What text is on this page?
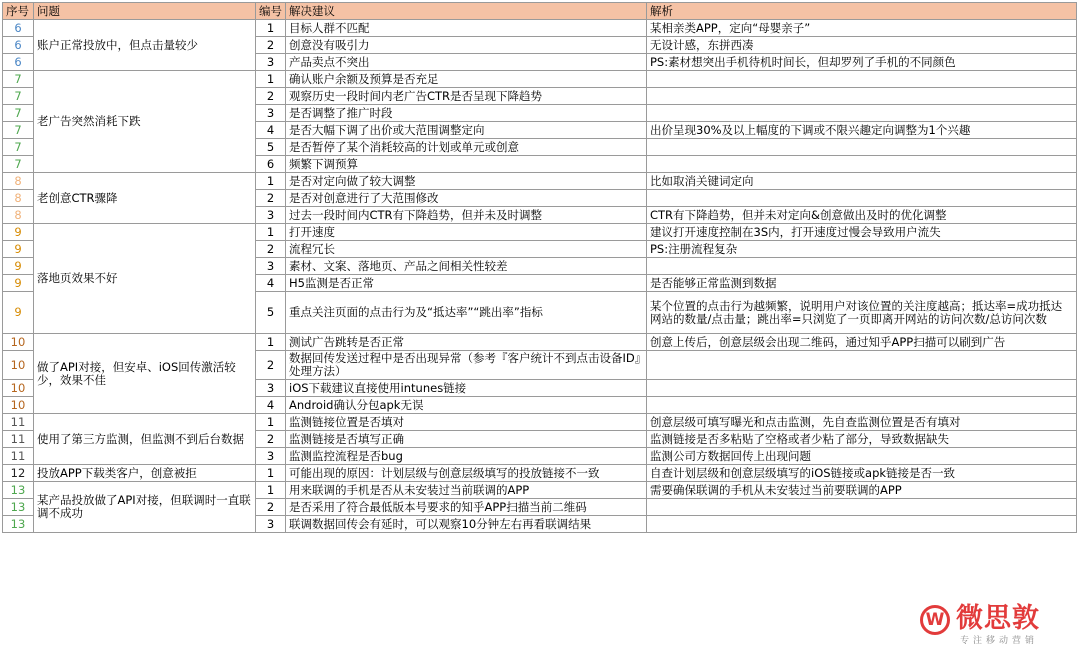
序号	问题	编号	解决建议	解析
6	账户正常投放中，但点击量较少	1	目标人群不匹配	某相亲类APP，定向“母婴亲子”
6		2	创意没有吸引力	无设计感，东拼西凑
6		3	产品卖点不突出	PS:素材想突出手机待机时间长，但却罗列了手机的不同颜色
7	老广告突然消耗下跌	1	确认账户余额及预算是否充足	
7		2	观察历史一段时间内老广告CTR是否呈现下降趋势	
7		3	是否调整了推广时段	
7		4	是否大幅下调了出价或大范围调整定向	出价呈现30%及以上幅度的下调或不限兴趣定向调整为1个兴趣
7		5	是否暂停了某个消耗较高的计划或单元或创意	
7		6	频繁下调预算	
8	老创意CTR骤降	1	是否对定向做了较大调整	比如取消关键词定向
8		2	是否对创意进行了大范围修改	
8		3	过去一段时间内CTR有下降趋势，但并未及时调整	CTR有下降趋势，但并未对定向&创意做出及时的优化调整
9	落地页效果不好	1	打开速度	建议打开速度控制在3S内，打开速度过慢会导致用户流失
9		2	流程冗长	PS:注册流程复杂
9		3	素材、文案、落地页、产品之间相关性较差	
9		4	H5监测是否正常	是否能够正常监测到数据
9		5	重点关注页面的点击行为及“抵达率”“跳出率”指标	某个位置的点击行为越频繁，说明用户对该位置的关注度越高；抵达率=成功抵达网站的数量/点击量；跳出率=只浏览了一页即离开网站的访问次数/总访问次数
10	做了API对接，但安卓、iOS回传激活较少，效果不佳	1	测试广告跳转是否正常	创意上传后，创意层级会出现二维码，通过知乎APP扫描可以刷到广告
10		2	数据回传发送过程中是否出现异常（参考『客户统计不到点击设备ID』处理方法）	
10		3	iOS下载建议直接使用intunes链接	
10		4	Android确认分包apk无误	
11	使用了第三方监测，但监测不到后台数据	1	监测链接位置是否填对	创意层级可填写曝光和点击监测，先自查监测位置是否有填对
11		2	监测链接是否填写正确	监测链接是否多粘贴了空格或者少粘了部分，导致数据缺失
11		3	监测监控流程是否bug	监测公司方数据回传上出现问题
12	投放APP下载类客户，创意被拒	1	可能出现的原因：计划层级与创意层级填写的投放链接不一致	自查计划层级和创意层级填写的iOS链接或apk链接是否一致
13	某产品投放做了API对接，但联调时一直联调不成功	1	用来联调的手机是否从未安装过当前联调的APP	需要确保联调的手机从未安装过当前要联调的APP
13		2	是否采用了符合最低版本号要求的知乎APP扫描当前二维码	
13		3	联调数据回传会有延时，可以观察10分钟左右再看联调结果	
W 微思敦
专注移动营销
